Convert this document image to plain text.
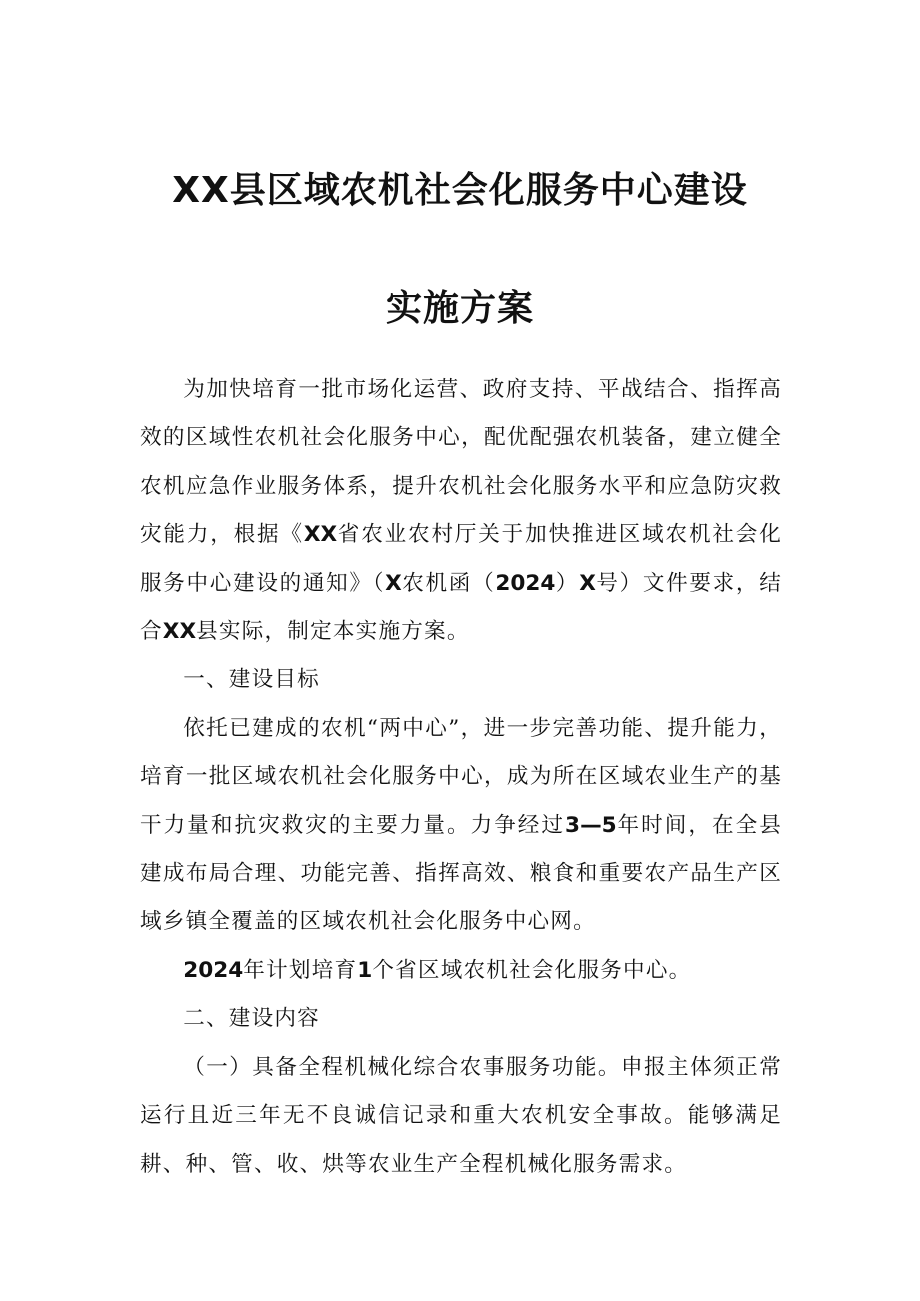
XX县区域农机社会化服务中心建设
实施方案

为加快培育一批市场化运营、政府支持、平战结合、指挥高效的区域性农机社会化服务中心，配优配强农机装备，建立健全农机应急作业服务体系，提升农机社会化服务水平和应急防灾救灾能力，根据《XX省农业农村厅关于加快推进区域农机社会化服务中心建设的通知》（X农机函（2024）X号）文件要求，结合XX县实际，制定本实施方案。

一、建设目标

依托已建成的农机“两中心”，进一步完善功能、提升能力，培育一批区域农机社会化服务中心，成为所在区域农业生产的基干力量和抗灾救灾的主要力量。力争经过3—5年时间，在全县建成布局合理、功能完善、指挥高效、粮食和重要农产品生产区域乡镇全覆盖的区域农机社会化服务中心网。

2024年计划培育1个省区域农机社会化服务中心。

二、建设内容

（一）具备全程机械化综合农事服务功能。申报主体须正常运行且近三年无不良诚信记录和重大农机安全事故。能够满足耕、种、管、收、烘等农业生产全程机械化服务需求。
